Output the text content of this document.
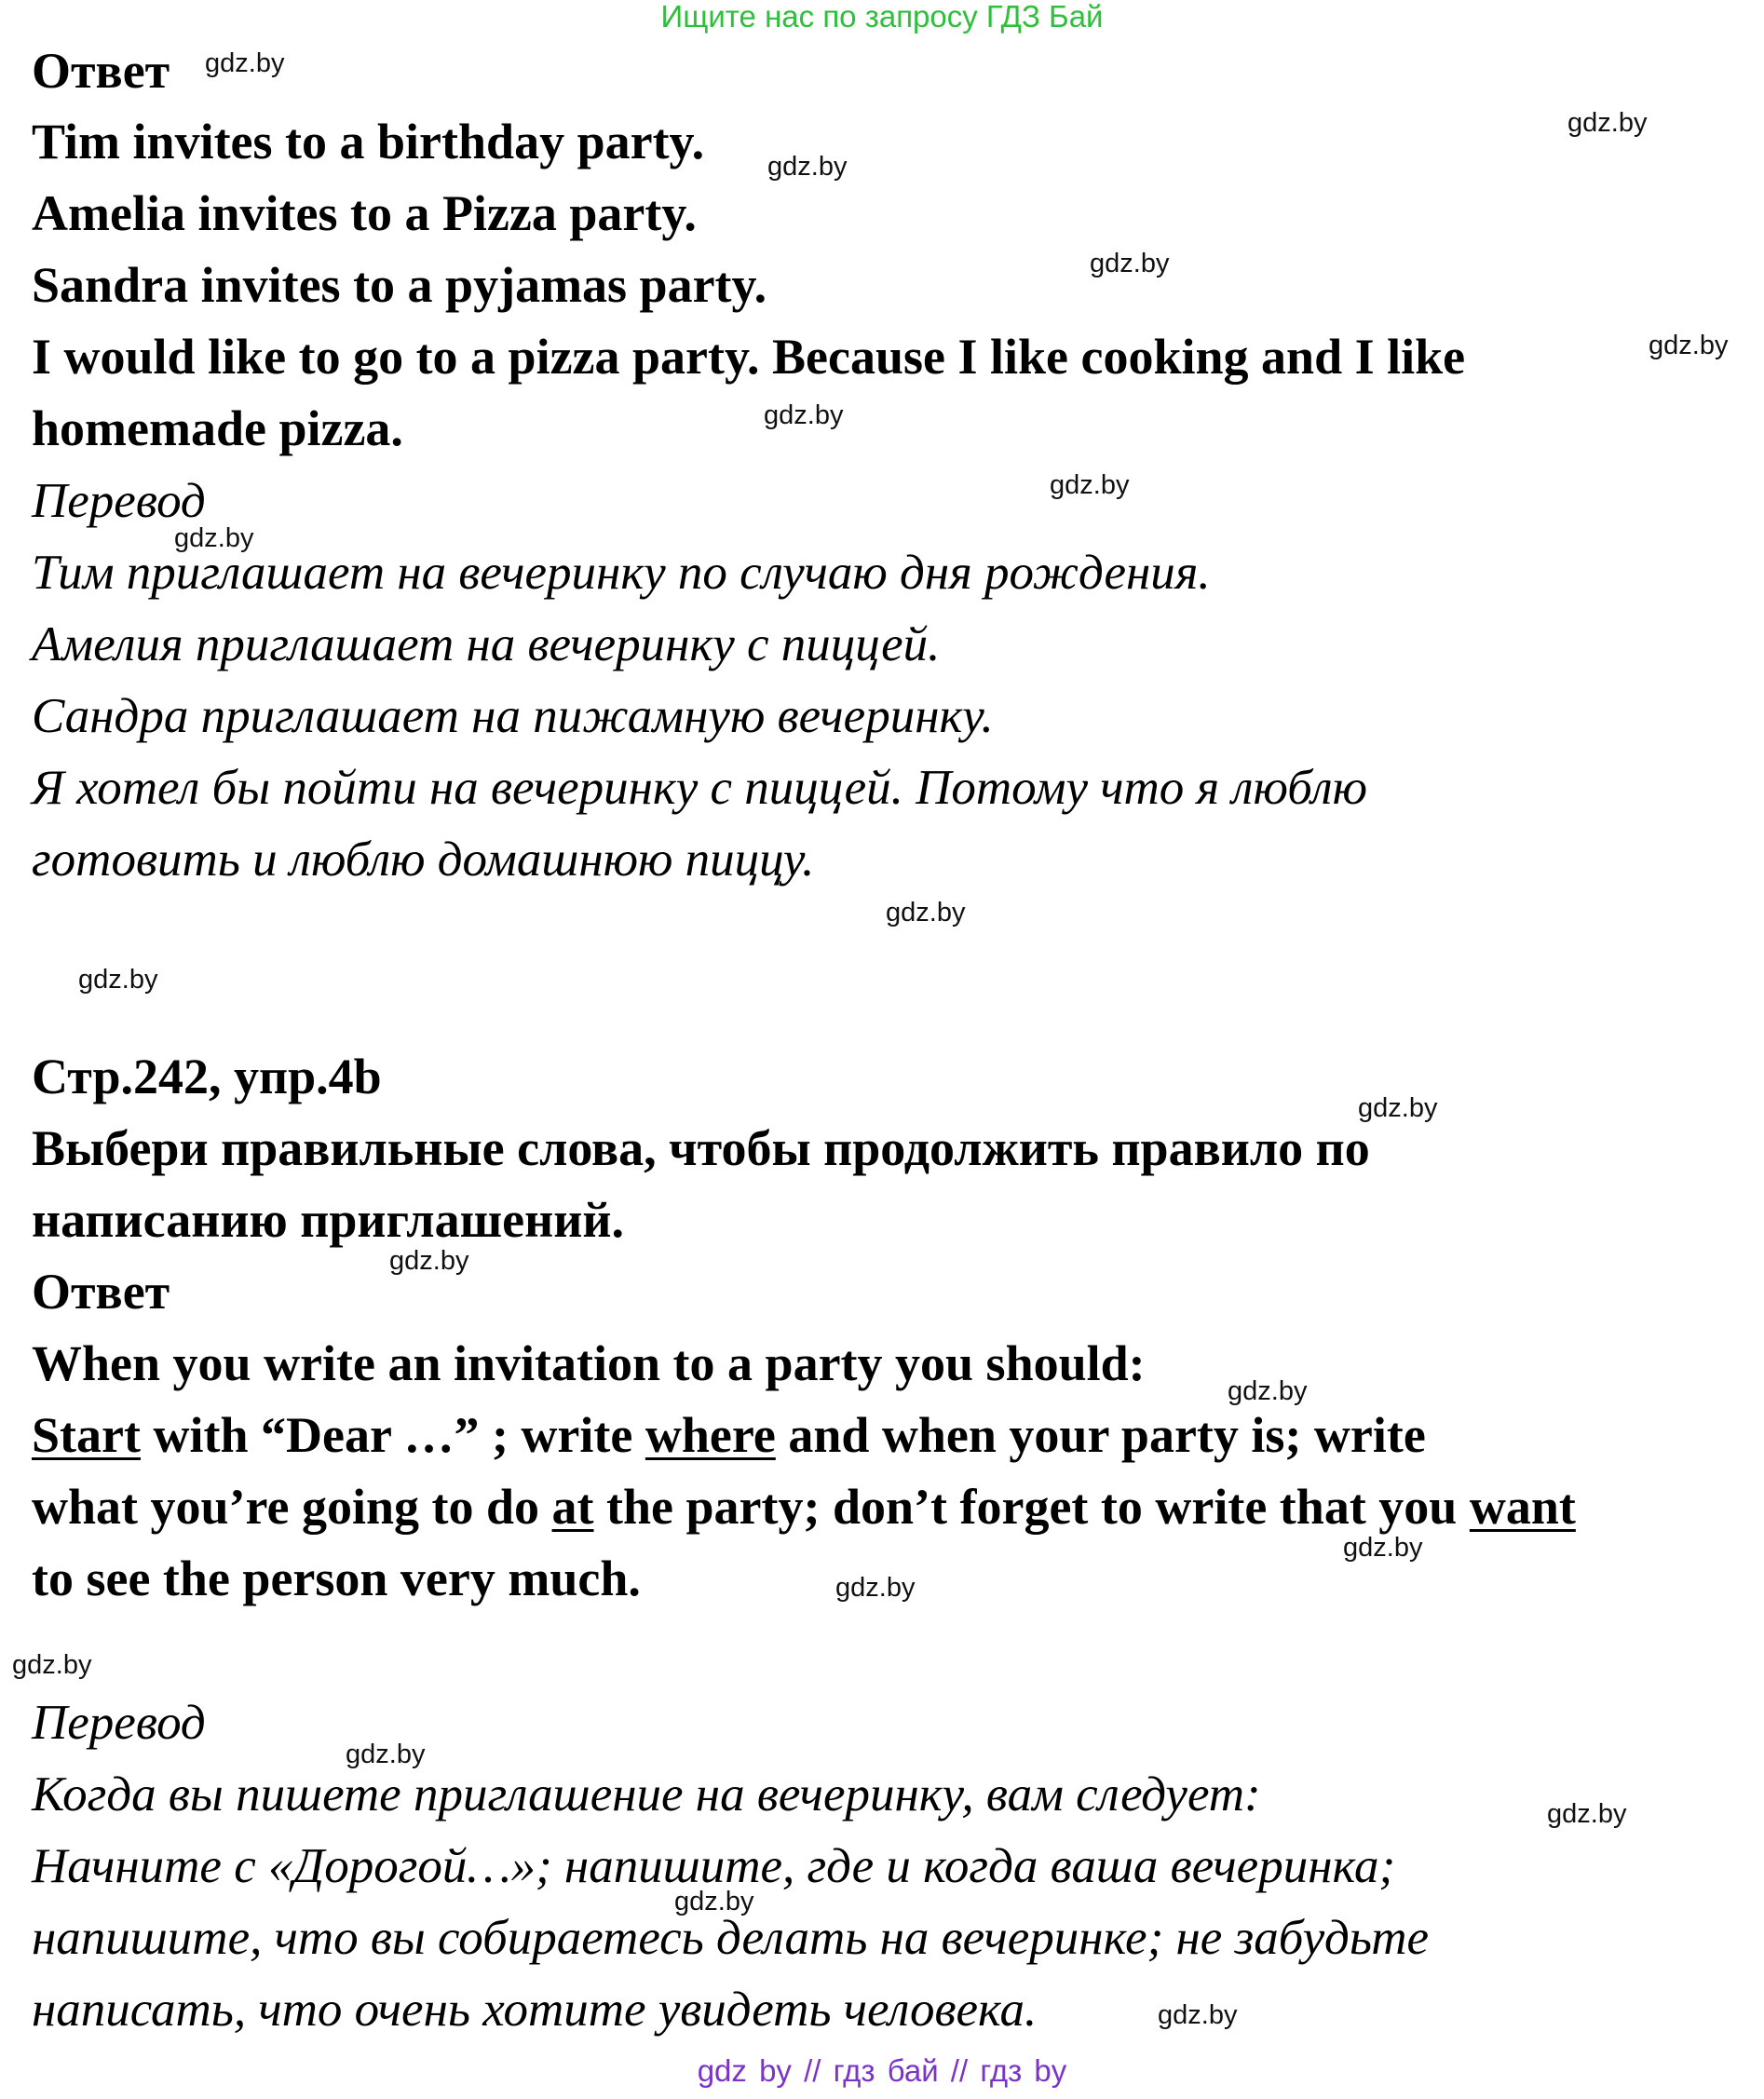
Ищите нас по запросу ГДЗ Бай
Ответ
Tim invites to a birthday party.
Amelia invites to a Pizza party.
Sandra invites to a pyjamas party.
I would like to go to a pizza party. Because I like cooking and I like
homemade pizza.
Перевод
Тим приглашает на вечеринку по случаю дня рождения.
Амелия приглашает на вечеринку с пиццей.
Сандра приглашает на пижамную вечеринку.
Я хотел бы пойти на вечеринку с пиццей. Потому что я люблю
готовить и люблю домашнюю пиццу.
Стр.242, упр.4b
Выбери правильные слова, чтобы продолжить правило по
написанию приглашений.
Ответ
When you write an invitation to a party you should:
Start with “Dear …” ; write where and when your party is; write
what you’re going to do at the party; don’t forget to write that you want
to see the person very much.
Перевод
Когда вы пишете приглашение на вечеринку, вам следует:
Начните с «Дорогой…»; напишите, где и когда ваша вечеринка;
напишите, что вы собираетесь делать на вечеринке; не забудьте
написать, что очень хотите увидеть человека.
gdz.by
gdz.by
gdz.by
gdz.by
gdz.by
gdz.by
gdz.by
gdz.by
gdz.by
gdz.by
gdz.by
gdz.by
gdz.by
gdz.by
gdz.by
gdz.by
gdz.by
gdz.by
gdz.by
gdz.by
gdz by // гдз бай // гдз by
